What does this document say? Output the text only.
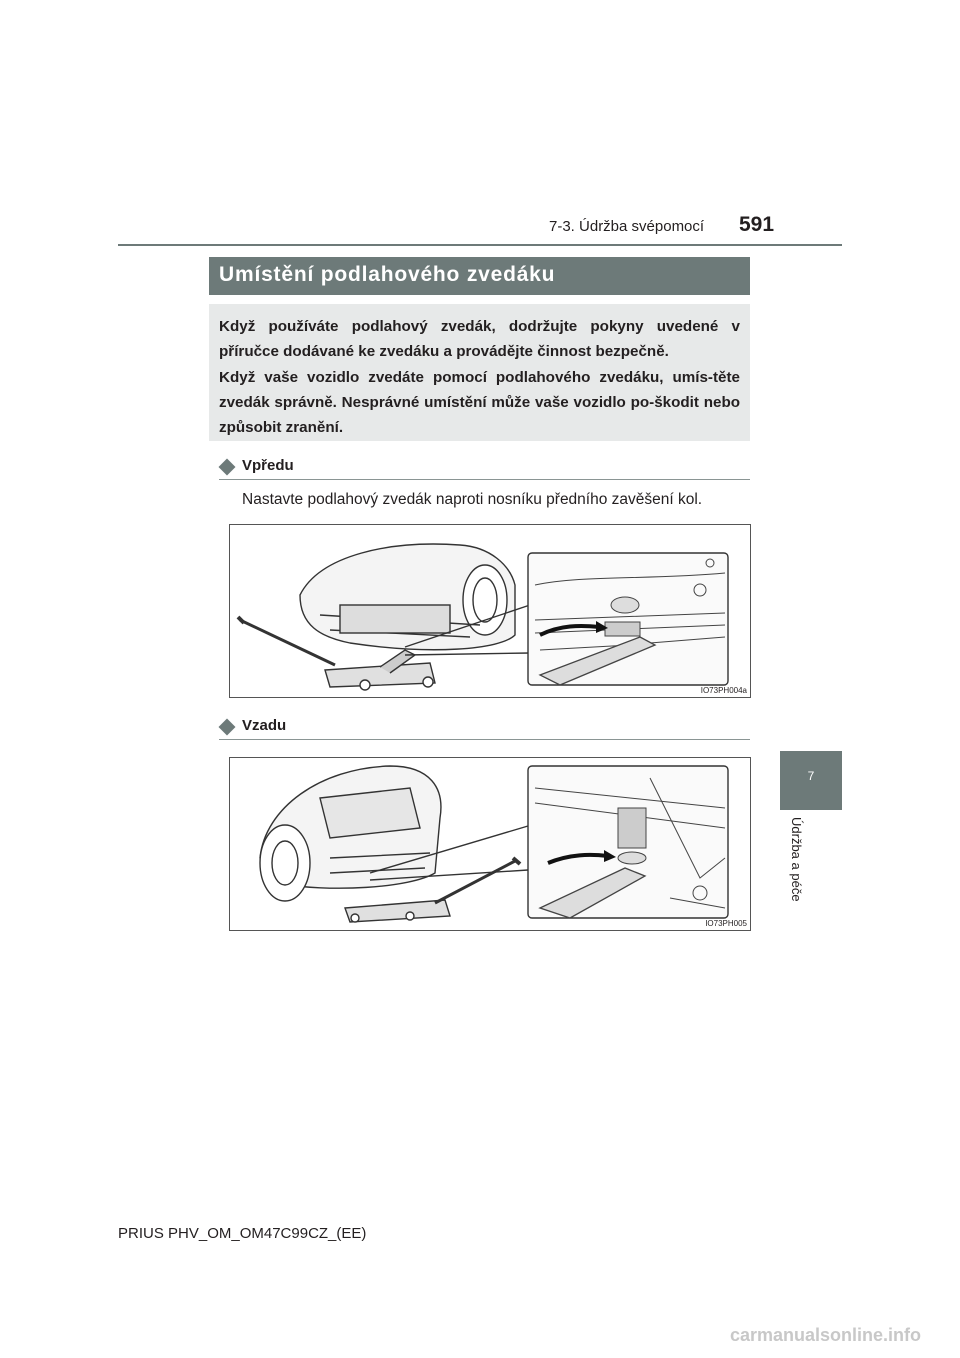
7-3. Údržba svépomocí 591
7
Údržba a péče
Umístění podlahového zvedáku

Když používáte podlahový zvedák, dodržujte pokyny uvedené v příručce dodávané ke zvedáku a provádějte činnost bezpečně.

Když vaše vozidlo zvedáte pomocí podlahového zvedáku, umís-těte zvedák správně. Nesprávné umístění může vaše vozidlo po-škodit nebo způsobit zranění.

Vpředu
Nastavte podlahový zvedák naproti nosníku předního zavěšení kol.
IO73PH004a
Vzadu
IO73PH005
PRIUS PHV_OM_OM47C99CZ_(EE)
carmanualsonline.info
